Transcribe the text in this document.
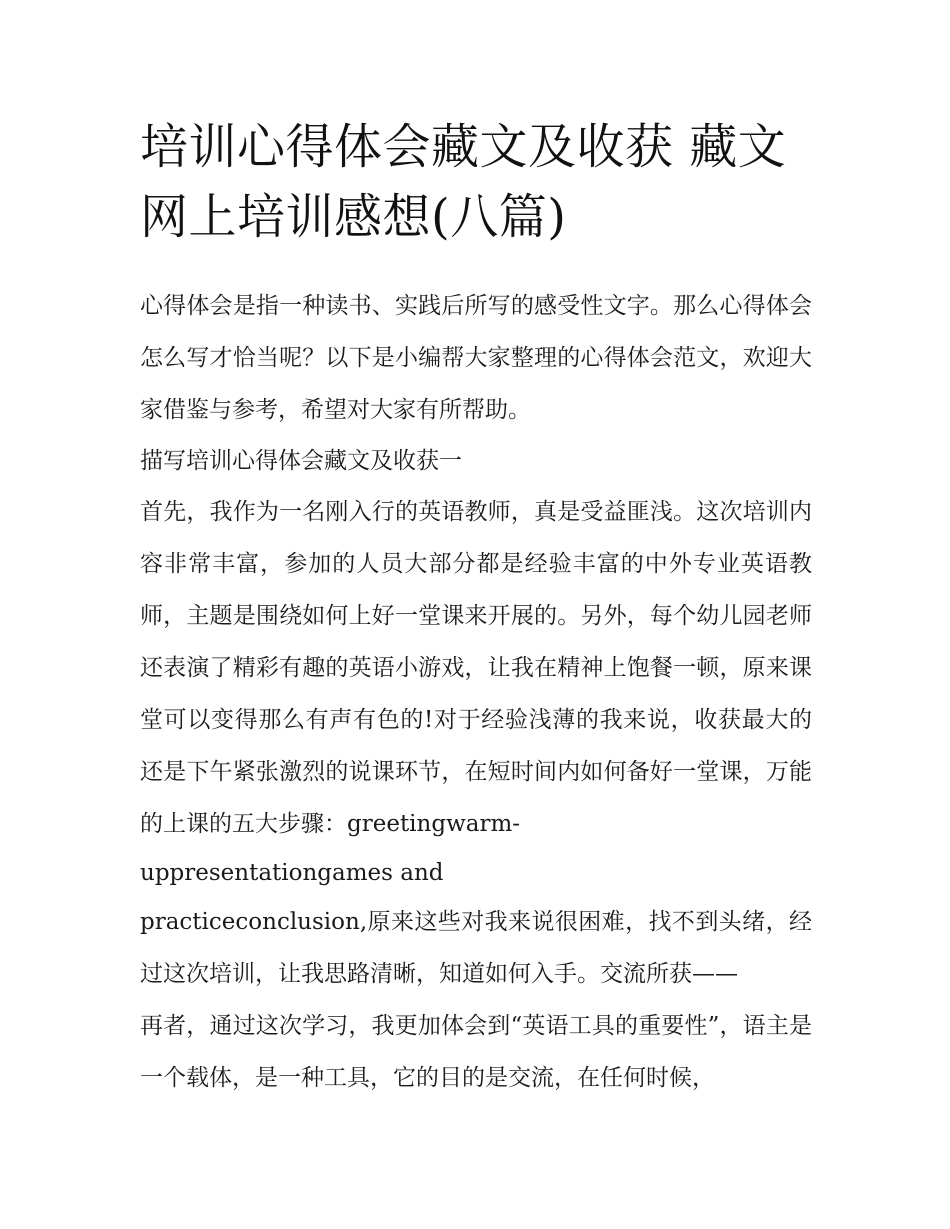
培训心得体会藏文及收获 藏文网上培训感想(八篇)

心得体会是指一种读书、实践后所写的感受性文字。那么心得体会怎么写才恰当呢？以下是小编帮大家整理的心得体会范文，欢迎大家借鉴与参考，希望对大家有所帮助。

描写培训心得体会藏文及收获一

首先，我作为一名刚入行的英语教师，真是受益匪浅。这次培训内容非常丰富，参加的人员大部分都是经验丰富的中外专业英语教师，主题是围绕如何上好一堂课来开展的。另外，每个幼儿园老师还表演了精彩有趣的英语小游戏，让我在精神上饱餐一顿，原来课堂可以变得那么有声有色的!对于经验浅薄的我来说，收获最大的还是下午紧张激烈的说课环节，在短时间内如何备好一堂课，万能的上课的五大步骤：greetingwarm-

uppresentationgames and

practiceconclusion,原来这些对我来说很困难，找不到头绪，经过这次培训，让我思路清晰，知道如何入手。交流所获——

再者，通过这次学习，我更加体会到“英语工具的重要性”，语主是一个载体，是一种工具，它的目的是交流，在任何时候，
